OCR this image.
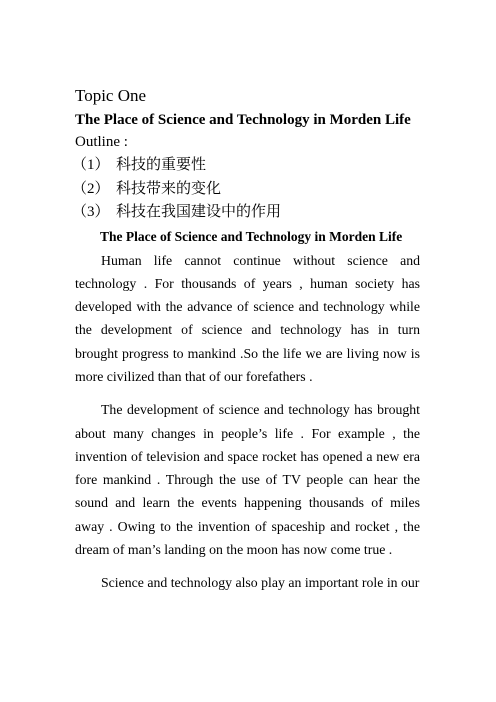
Topic One
The Place of Science and Technology in Morden Life

Outline :

（1） 科技的重要性
（2） 科技带来的变化
（3） 科技在我国建设中的作用
The Place of Science and Technology in Morden Life

Human life cannot continue without science and technology . For thousands of years , human society has developed with the advance of science and technology while the development of science and technology has in turn brought progress to mankind .So the life we are living now is more civilized than that of our forefathers .

The development of science and technology has brought about many changes in people’s life . For example , the invention of television and space rocket has opened a new era fore mankind . Through the use of TV people can hear the sound and learn the events happening thousands of miles away . Owing to the invention of spaceship and rocket , the dream of man’s landing on the moon has now come true .

Science and technology also play an important role in our
